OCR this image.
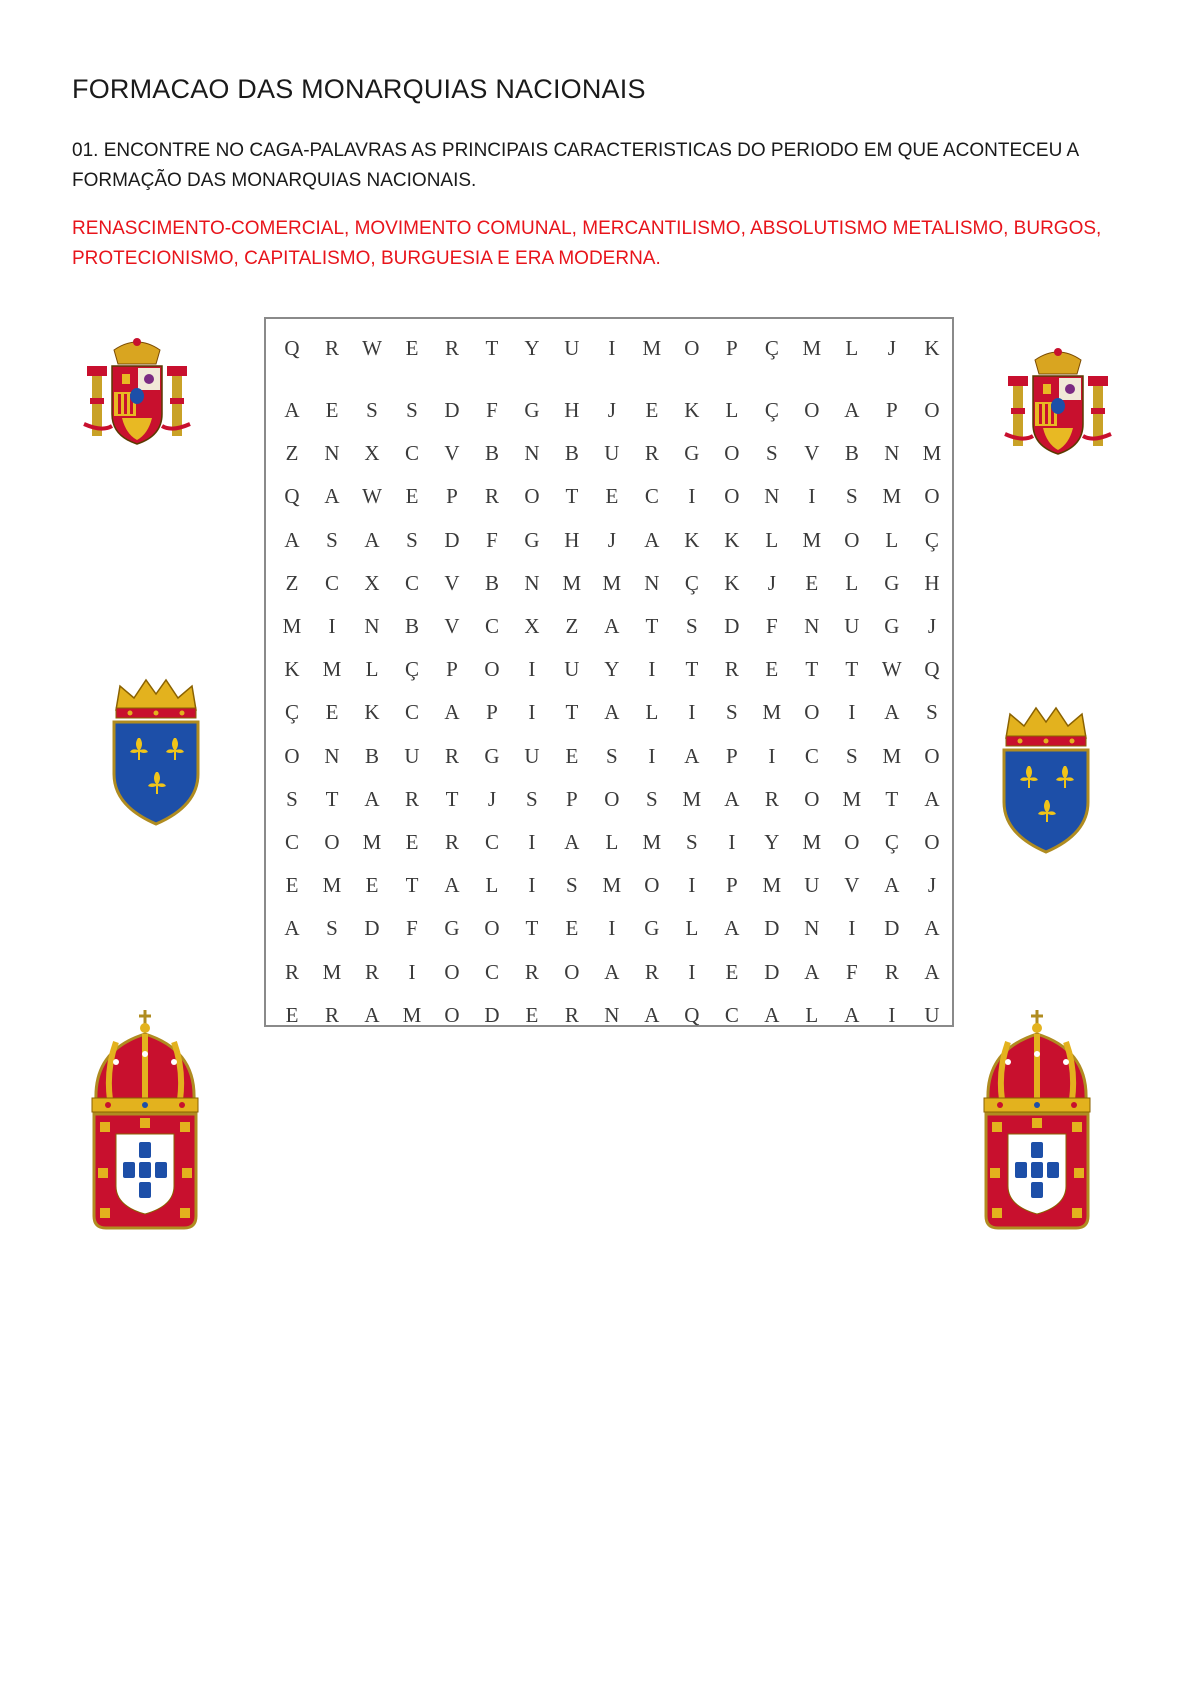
FORMACAO DAS MONARQUIAS NACIONAIS

01. ENCONTRE NO CAGA-PALAVRAS AS PRINCIPAIS CARACTERISTICAS DO PERIODO EM QUE ACONTECEU A FORMAÇÃO DAS MONARQUIAS NACIONAIS.

RENASCIMENTO-COMERCIAL, MOVIMENTO COMUNAL, MERCANTILISMO, ABSOLUTISMO METALISMO, BURGOS, PROTECIONISMO, CAPITALISMO, BURGUESIA E ERA MODERNA.

Q	R	W	E	R	T	Y	U	I	M	O	P	Ç	M	L	J	K

A	E	S	S	D	F	G	H	J	E	K	L	Ç	O	A	P	O
Z	N	X	C	V	B	N	B	U	R	G	O	S	V	B	N	M
Q	A	W	E	P	R	O	T	E	C	I	O	N	I	S	M	O
A	S	A	S	D	F	G	H	J	A	K	K	L	M	O	L	Ç
Z	C	X	C	V	B	N	M	M	N	Ç	K	J	E	L	G	H
M	I	N	B	V	C	X	Z	A	T	S	D	F	N	U	G	J
K	M	L	Ç	P	O	I	U	Y	I	T	R	E	T	T	W	Q
Ç	E	K	C	A	P	I	T	A	L	I	S	M	O	I	A	S
O	N	B	U	R	G	U	E	S	I	A	P	I	C	S	M	O
S	T	A	R	T	J	S	P	O	S	M	A	R	O	M	T	A
C	O	M	E	R	C	I	A	L	M	S	I	Y	M	O	Ç	O
E	M	E	T	A	L	I	S	M	O	I	P	M	U	V	A	J
A	S	D	F	G	O	T	E	I	G	L	A	D	N	I	D	A
R	M	R	I	O	C	R	O	A	R	I	E	D	A	F	R	A
E	R	A	M	O	D	E	R	N	A	Q	C	A	L	A	I	U
